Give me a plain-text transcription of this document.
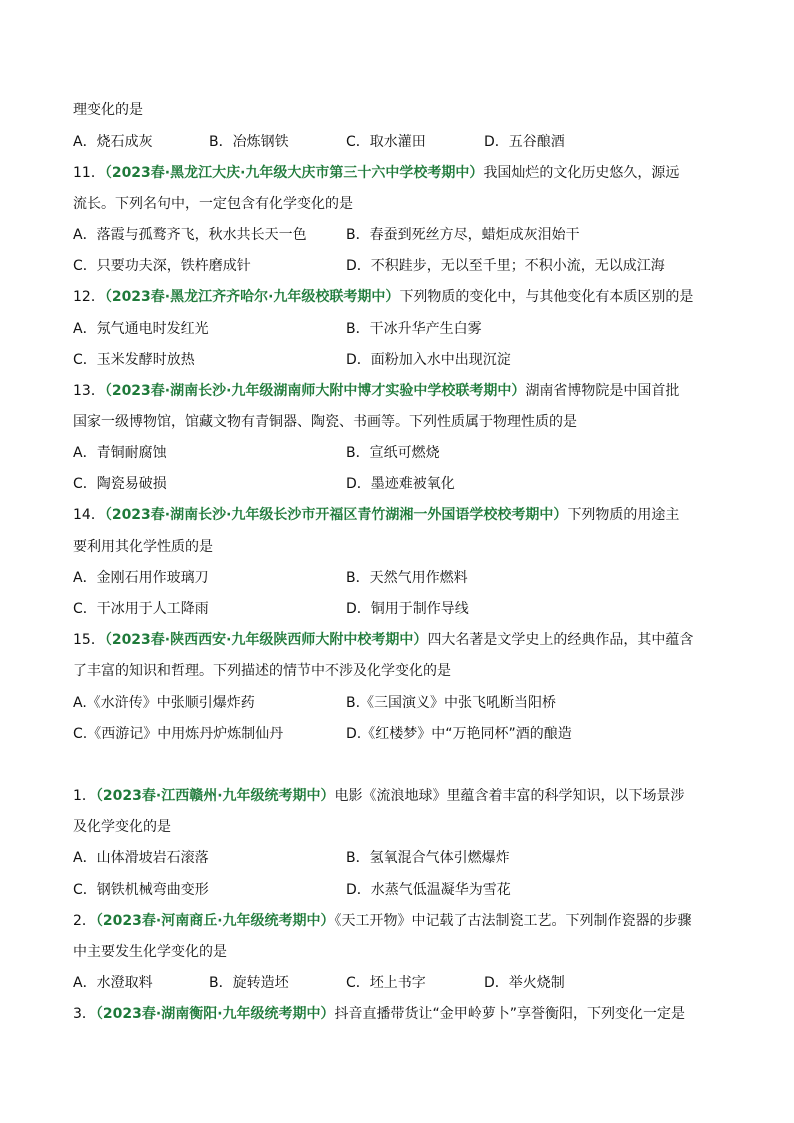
理变化的是
A．烧石成灰	B．冶炼钢铁	C．取水灌田	D．五谷酿酒
11．（2023春·黑龙江大庆·九年级大庆市第三十六中学校考期中）我国灿烂的文化历史悠久，源远
流长。下列名句中，一定包含有化学变化的是
A．落霞与孤鹜齐飞，秋水共长天一色	B．春蚕到死丝方尽，蜡炬成灰泪始干
C．只要功夫深，铁杵磨成针	D．不积跬步，无以至千里；不积小流，无以成江海
12．（2023春·黑龙江齐齐哈尔·九年级校联考期中）下列物质的变化中，与其他变化有本质区别的是
A．氖气通电时发红光	B．干冰升华产生白雾
C．玉米发酵时放热	D．面粉加入水中出现沉淀
13．（2023春·湖南长沙·九年级湖南师大附中博才实验中学校联考期中）湖南省博物院是中国首批
国家一级博物馆，馆藏文物有青铜器、陶瓷、书画等。下列性质属于物理性质的是
A．青铜耐腐蚀	B．宣纸可燃烧
C．陶瓷易破损	D．墨迹难被氧化
14．（2023春·湖南长沙·九年级长沙市开福区青竹湖湘一外国语学校校考期中）下列物质的用途主
要利用其化学性质的是
A．金刚石用作玻璃刀	B．天然气用作燃料
C．干冰用于人工降雨	D．铜用于制作导线
15．（2023春·陕西西安·九年级陕西师大附中校考期中）四大名著是文学史上的经典作品，其中蕴含
了丰富的知识和哲理。下列描述的情节中不涉及化学变化的是
A.《水浒传》中张顺引爆炸药	B.《三国演义》中张飞吼断当阳桥
C.《西游记》中用炼丹炉炼制仙丹	D.《红楼梦》中“万艳同杯”酒的酿造
1．（2023春·江西赣州·九年级统考期中）电影《流浪地球》里蕴含着丰富的科学知识，以下场景涉
及化学变化的是
A．山体滑坡岩石滚落	B．氢氧混合气体引燃爆炸
C．钢铁机械弯曲变形	D．水蒸气低温凝华为雪花
2．（2023春·河南商丘·九年级统考期中）《天工开物》中记载了古法制瓷工艺。下列制作瓷器的步骤
中主要发生化学变化的是
A．水澄取料	B．旋转造坯	C．坯上书字	D．举火烧制
3．（2023春·湖南衡阳·九年级统考期中）抖音直播带货让“金甲岭萝卜”享誉衡阳，下列变化一定是
